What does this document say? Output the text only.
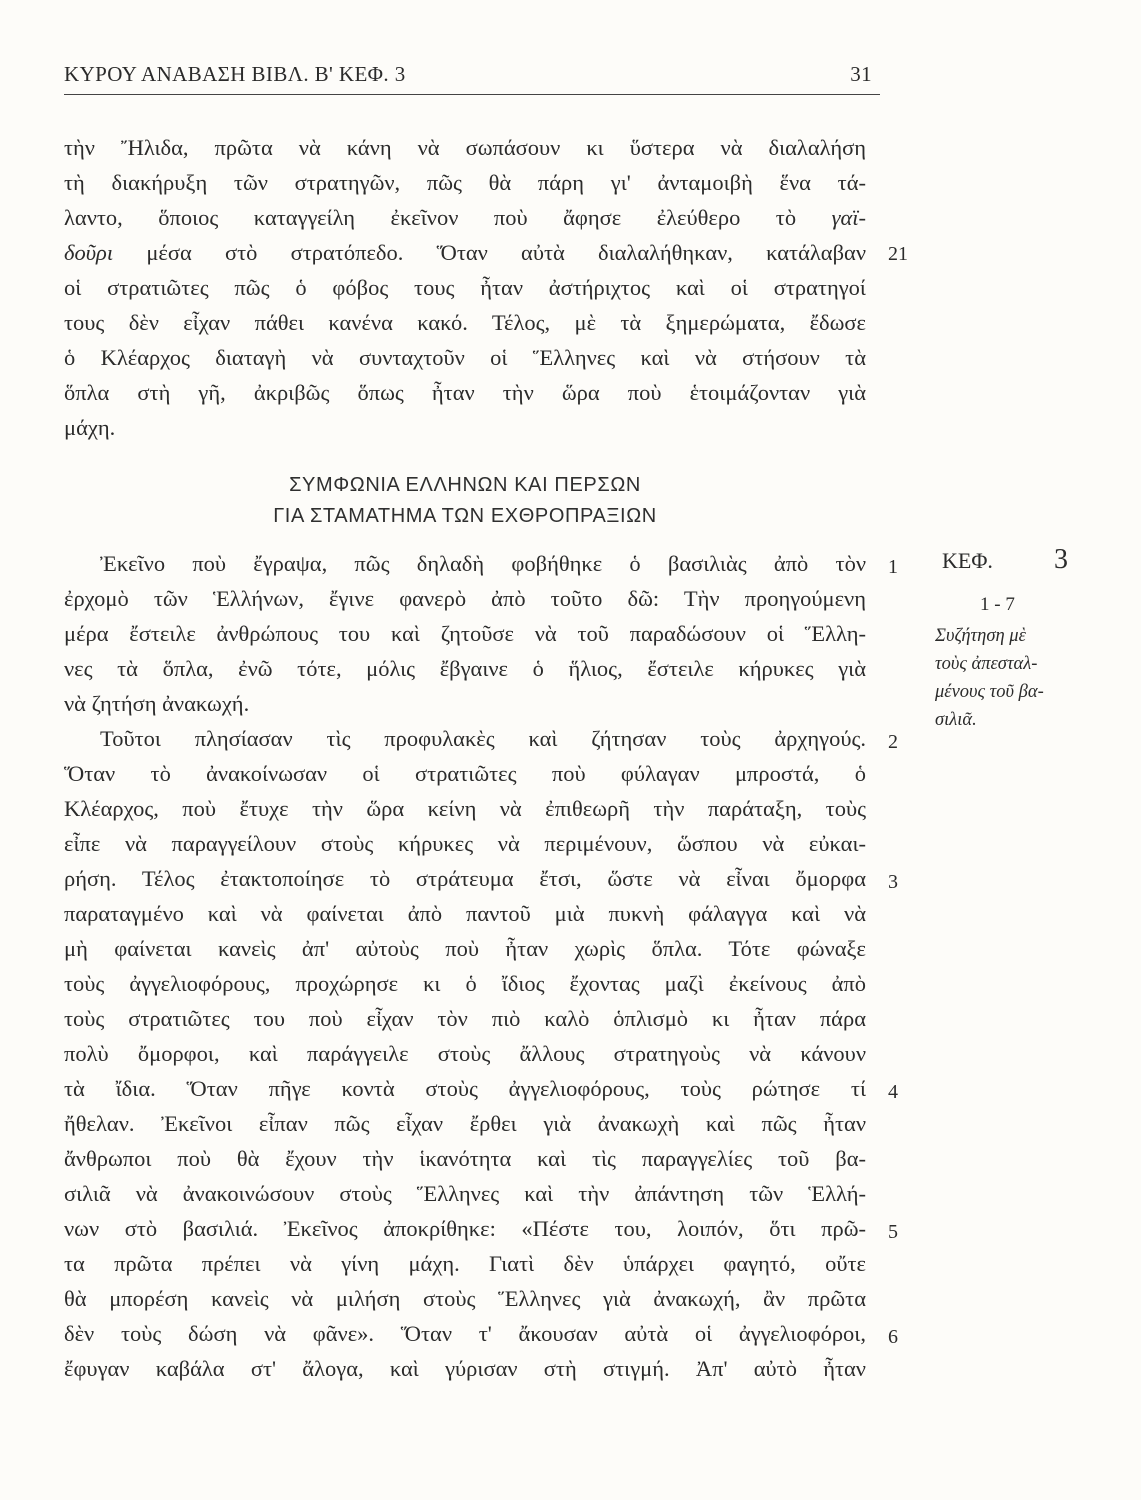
ΚΥΡΟΥ ΑΝΑΒΑΣΗ ΒΙΒΛ. Β' ΚΕΦ. 3	31
τὴν Ἤλιδα, πρῶτα νὰ κάνη νὰ σωπάσουν κι ὕστερα νὰ διαλαλήση
τὴ διακήρυξη τῶν στρατηγῶν, πῶς θὰ πάρη γι' ἀνταμοιβὴ ἕνα τά-
λαντο, ὅποιος καταγγείλη ἐκεῖνον ποὺ ἄφησε ἐλεύθερο τὸ γαϊ-
δοῦρι μέσα στὸ στρατόπεδο. Ὅταν αὐτὰ διαλαλήθηκαν, κατάλαβαν
οἱ στρατιῶτες πῶς ὁ φόβος τους ἦταν ἀστήριχτος καὶ οἱ στρατηγοί
τους δὲν εἶχαν πάθει κανένα κακό. Τέλος, μὲ τὰ ξημερώματα, ἔδωσε
ὁ Κλέαρχος διαταγὴ νὰ συνταχτοῦν οἱ Ἕλληνες καὶ νὰ στήσουν τὰ
ὅπλα στὴ γῆ, ἀκριβῶς ὅπως ἦταν τὴν ὥρα ποὺ ἑτοιμάζονταν γιὰ
μάχη.
21
ΣΥΜΦΩΝΙΑ ΕΛΛΗΝΩΝ ΚΑΙ ΠΕΡΣΩΝ
ΓΙΑ ΣΤΑΜΑΤΗΜΑ ΤΩΝ ΕΧΘΡΟΠΡΑΞΙΩΝ
Ἐκεῖνο ποὺ ἔγραψα, πῶς δηλαδὴ φοβήθηκε ὁ βασιλιὰς ἀπὸ τὸν
ἐρχομὸ τῶν Ἑλλήνων, ἔγινε φανερὸ ἀπὸ τοῦτο δῶ: Τὴν προηγούμενη
μέρα ἔστειλε ἀνθρώπους του καὶ ζητοῦσε νὰ τοῦ παραδώσουν οἱ Ἕλλη-
νες τὰ ὅπλα, ἐνῶ τότε, μόλις ἔβγαινε ὁ ἥλιος, ἔστειλε κήρυκες γιὰ
νὰ ζητήση ἀνακωχή.
Τοῦτοι πλησίασαν τὶς προφυλακὲς καὶ ζήτησαν τοὺς ἀρχηγούς.
Ὅταν τὸ ἀνακοίνωσαν οἱ στρατιῶτες ποὺ φύλαγαν μπροστά, ὁ
Κλέαρχος, ποὺ ἔτυχε τὴν ὥρα κείνη νὰ ἐπιθεωρῆ τὴν παράταξη, τοὺς
εἶπε νὰ παραγγείλουν στοὺς κήρυκες νὰ περιμένουν, ὥσπου νὰ εὐκαι-
ρήση. Τέλος ἐτακτοποίησε τὸ στράτευμα ἔτσι, ὥστε νὰ εἶναι ὄμορφα
παραταγμένο καὶ νὰ φαίνεται ἀπὸ παντοῦ μιὰ πυκνὴ φάλαγγα καὶ νὰ
μὴ φαίνεται κανεὶς ἀπ' αὐτοὺς ποὺ ἦταν χωρὶς ὅπλα. Τότε φώναξε
τοὺς ἀγγελιοφόρους, προχώρησε κι ὁ ἴδιος ἔχοντας μαζὶ ἐκείνους ἀπὸ
τοὺς στρατιῶτες του ποὺ εἶχαν τὸν πιὸ καλὸ ὁπλισμὸ κι ἦταν πάρα
πολὺ ὄμορφοι, καὶ παράγγειλε στοὺς ἄλλους στρατηγοὺς νὰ κάνουν
τὰ ἴδια. Ὅταν πῆγε κοντὰ στοὺς ἀγγελιοφόρους, τοὺς ρώτησε τί
ἤθελαν. Ἐκεῖνοι εἶπαν πῶς εἶχαν ἔρθει γιὰ ἀνακωχὴ καὶ πῶς ἦταν
ἄνθρωποι ποὺ θὰ ἔχουν τὴν ἱκανότητα καὶ τὶς παραγγελίες τοῦ βα-
σιλιᾶ νὰ ἀνακοινώσουν στοὺς Ἕλληνες καὶ τὴν ἀπάντηση τῶν Ἑλλή-
νων στὸ βασιλιά. Ἐκεῖνος ἀποκρίθηκε: «Πέστε του, λοιπόν, ὅτι πρῶ-
τα πρῶτα πρέπει νὰ γίνη μάχη. Γιατὶ δὲν ὑπάρχει φαγητό, οὔτε
θὰ μπορέση κανεὶς νὰ μιλήση στοὺς Ἕλληνες γιὰ ἀνακωχή, ἂν πρῶτα
δὲν τοὺς δώση νὰ φᾶνε». Ὅταν τ' ἄκουσαν αὐτὰ οἱ ἀγγελιοφόροι,
ἔφυγαν καβάλα στ' ἄλογα, καὶ γύρισαν στὴ στιγμή. Ἀπ' αὐτὸ ἦταν
1
2
3
4
5
6
ΚΕΦ. 3
1 - 7
Συζήτηση μὲ
τοὺς ἀπεσταλ-
μένους τοῦ βα-
σιλιᾶ.
